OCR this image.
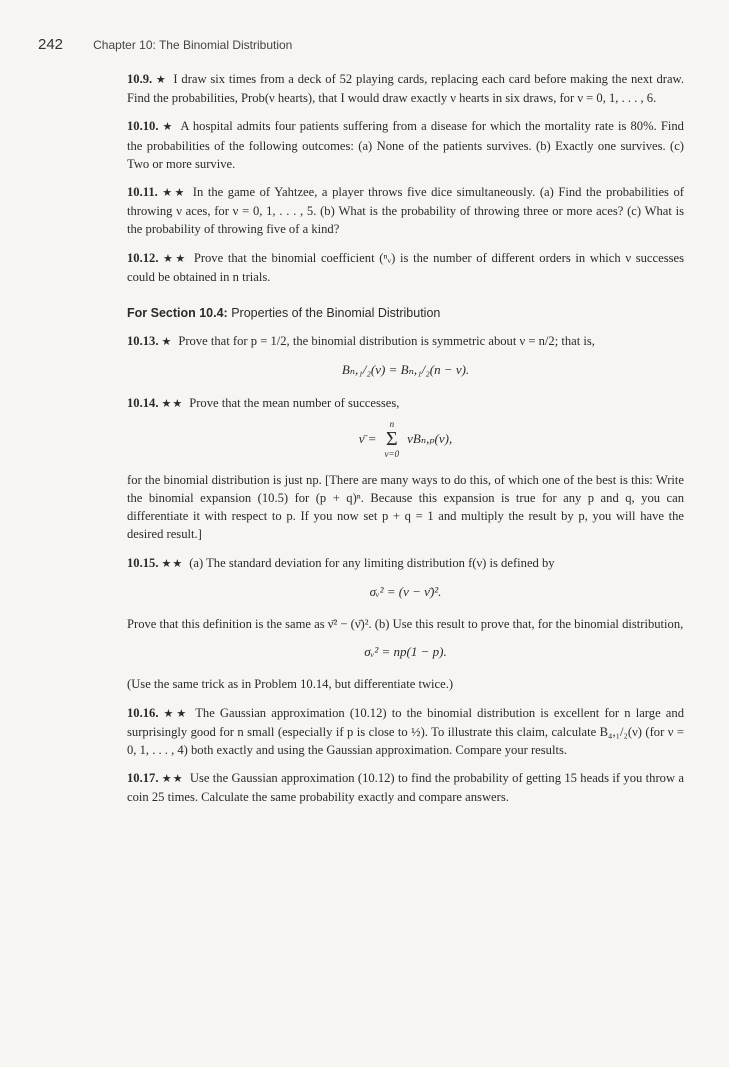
242	Chapter 10: The Binomial Distribution
10.9. ★ I draw six times from a deck of 52 playing cards, replacing each card before making the next draw. Find the probabilities, Prob(ν hearts), that I would draw exactly ν hearts in six draws, for ν = 0, 1, . . . , 6.
10.10. ★ A hospital admits four patients suffering from a disease for which the mortality rate is 80%. Find the probabilities of the following outcomes: (a) None of the patients survives. (b) Exactly one survives. (c) Two or more survive.
10.11. ★★ In the game of Yahtzee, a player throws five dice simultaneously. (a) Find the probabilities of throwing ν aces, for ν = 0, 1, . . . , 5. (b) What is the probability of throwing three or more aces? (c) What is the probability of throwing five of a kind?
10.12. ★★ Prove that the binomial coefficient (ⁿᵥ) is the number of different orders in which ν successes could be obtained in n trials.
For Section 10.4: Properties of the Binomial Distribution
10.13. ★ Prove that for p = 1/2, the binomial distribution is symmetric about ν = n/2; that is,
Bₙ,₁/₂(ν) = Bₙ,₁/₂(n − ν).
10.14. ★★ Prove that the mean number of successes,
ν̄ =
n
Σ
ν=0
νBₙ,ₚ(ν),
for the binomial distribution is just np. [There are many ways to do this, of which one of the best is this: Write the binomial expansion (10.5) for (p + q)ⁿ. Because this expansion is true for any p and q, you can differentiate it with respect to p. If you now set p + q = 1 and multiply the result by p, you will have the desired result.]
10.15. ★★ (a) The standard deviation for any limiting distribution f(ν) is defined by
σᵥ² = (ν − ν̄)².
Prove that this definition is the same as ν̄² − (ν̄)². (b) Use this result to prove that, for the binomial distribution,
σᵥ² = np(1 − p).
(Use the same trick as in Problem 10.14, but differentiate twice.)
10.16. ★★ The Gaussian approximation (10.12) to the binomial distribution is excellent for n large and surprisingly good for n small (especially if p is close to ½). To illustrate this claim, calculate B₄,₁/₂(ν) (for ν = 0, 1, . . . , 4) both exactly and using the Gaussian approximation. Compare your results.
10.17. ★★ Use the Gaussian approximation (10.12) to find the probability of getting 15 heads if you throw a coin 25 times. Calculate the same probability exactly and compare answers.
